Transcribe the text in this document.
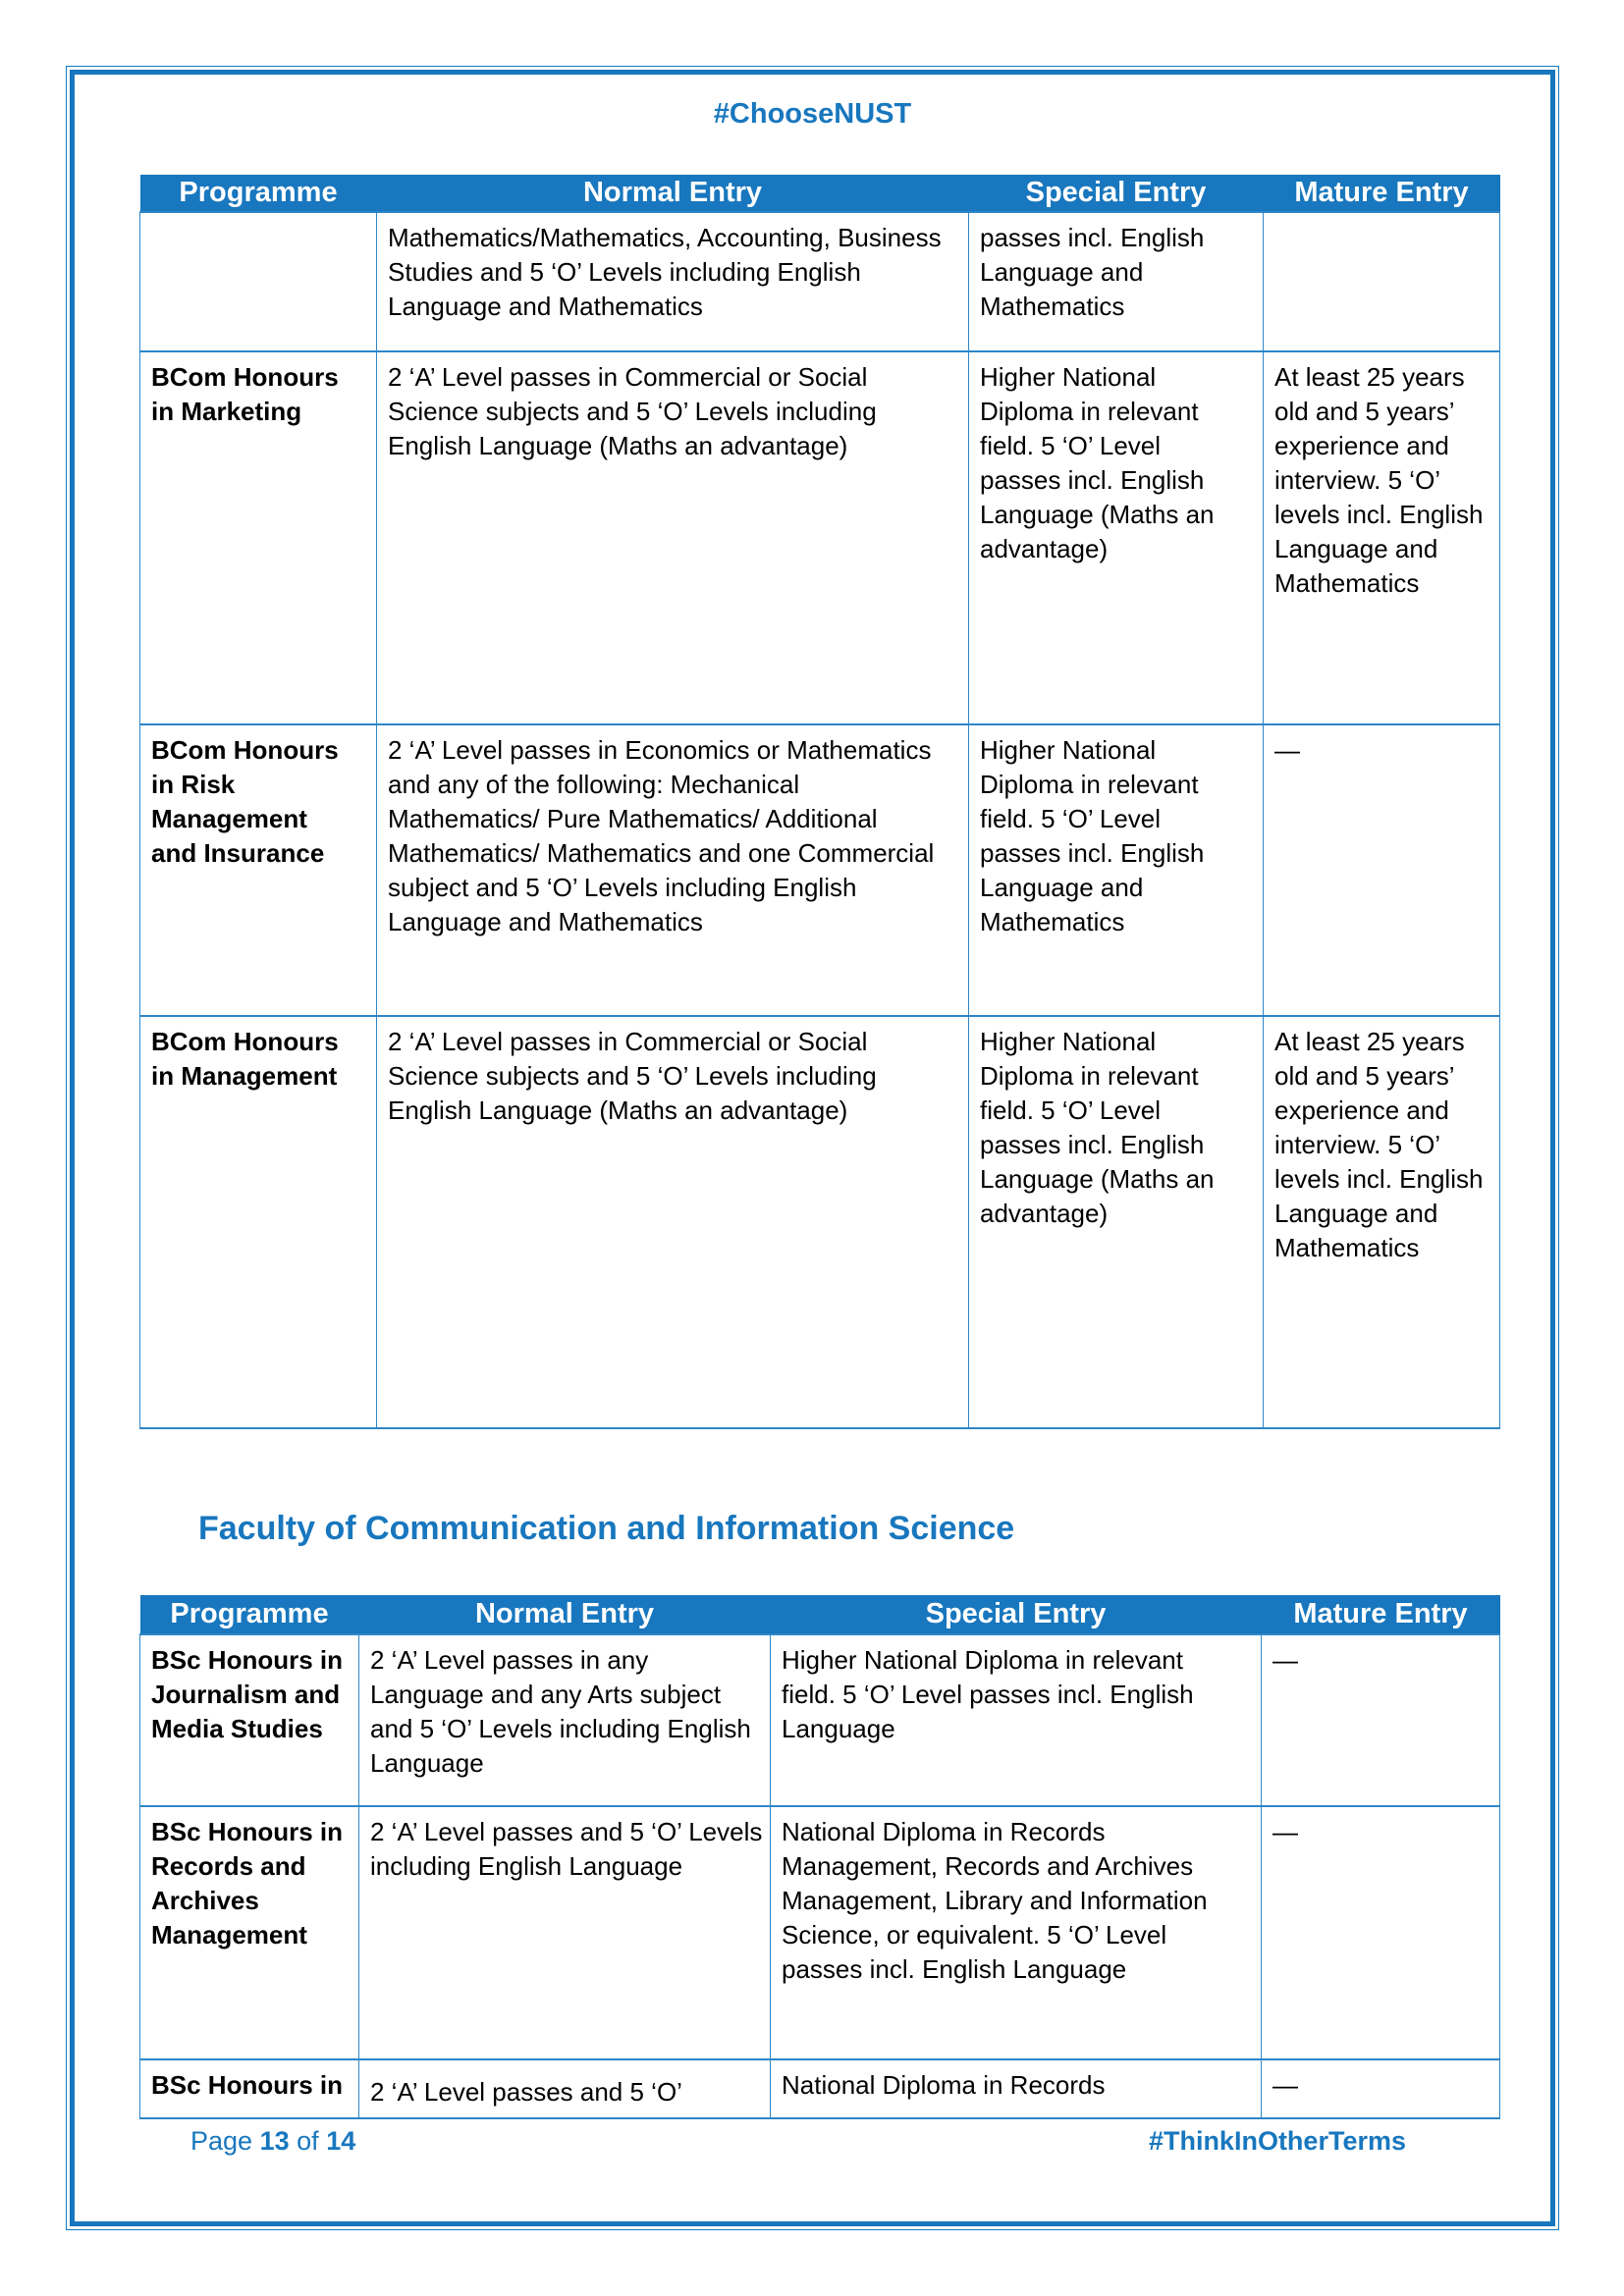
#ChooseNUST
Programme	Normal Entry	Special Entry	Mature Entry
	Mathematics/Mathematics, Accounting, Business Studies and 5 ‘O’ Levels including English Language and Mathematics	passes incl. English Language and Mathematics	
BCom Honours in Marketing	2 ‘A’ Level passes in Commercial or Social Science subjects and 5 ‘O’ Levels including English Language (Maths an advantage)	Higher National Diploma in relevant field. 5 ‘O’ Level passes incl. English Language (Maths an advantage)	At least 25 years old and 5 years’ experience and interview. 5 ‘O’ levels incl. English Language and Mathematics
BCom Honours in Risk Management and Insurance	2 ‘A’ Level passes in Economics or Mathematics and any of the following: Mechanical Mathematics/ Pure Mathematics/ Additional Mathematics/ Mathematics and one Commercial subject and 5 ‘O’ Levels including English Language and Mathematics	Higher National Diploma in relevant field. 5 ‘O’ Level passes incl. English Language and Mathematics	—
BCom Honours in Management	2 ‘A’ Level passes in Commercial or Social Science subjects and 5 ‘O’ Levels including English Language (Maths an advantage)	Higher National Diploma in relevant field. 5 ‘O’ Level passes incl. English Language (Maths an advantage)	At least 25 years old and 5 years’ experience and interview. 5 ‘O’ levels incl. English Language and Mathematics
Faculty of Communication and Information Science
Programme	Normal Entry	Special Entry	Mature Entry
BSc Honours in Journalism and Media Studies	2 ‘A’ Level passes in any Language and any Arts subject and 5 ‘O’ Levels including English Language	Higher National Diploma in relevant field. 5 ‘O’ Level passes incl. English Language	—
BSc Honours in Records and Archives Management	2 ‘A’ Level passes and 5 ‘O’ Levels including English Language	National Diploma in Records Management, Records and Archives Management, Library and Information Science, or equivalent. 5 ‘O’ Level passes incl. English Language	—
BSc Honours in	2 ‘A’ Level passes and 5 ‘O’	National Diploma in Records	—
Page 13 of 14	#ThinkInOtherTerms
